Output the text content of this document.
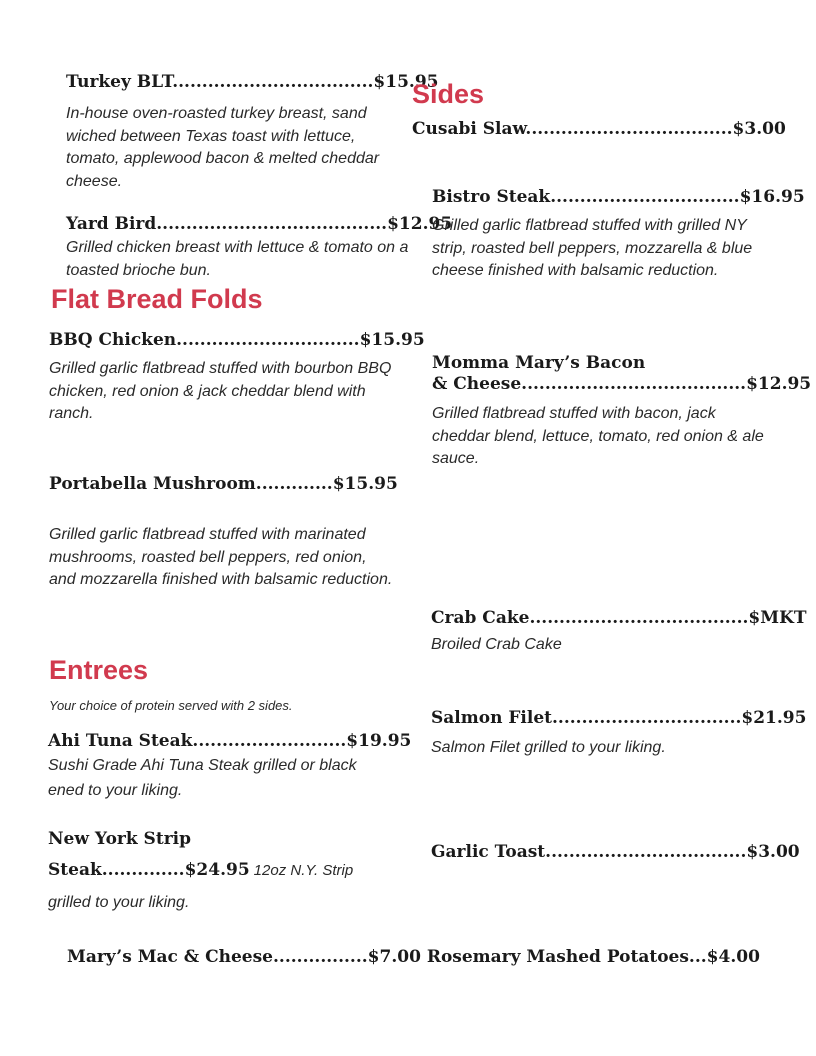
Turkey BLT..................................$15.95
In-house oven-roasted turkey breast, sand wiched between Texas toast with lettuce, tomato, applewood bacon & melted cheddar cheese.
Yard Bird.......................................$12.95
Grilled chicken breast with lettuce & tomato on a toasted brioche bun.
Flat Bread Folds
BBQ Chicken...............................$15.95
Grilled garlic flatbread stuffed with bourbon BBQ chicken, red onion & jack cheddar blend with ranch.
Portabella Mushroom.............$15.95
Grilled garlic flatbread stuffed with marinated mushrooms, roasted bell peppers, red onion, and mozzarella finished with balsamic reduction.
Entrees
Your choice of protein served with 2 sides.
Ahi Tuna Steak..........................$19.95
Sushi Grade Ahi Tuna Steak grilled or black
ened to your liking.
New York Strip
Steak..............$24.95 12oz N.Y. Strip
grilled to your liking.
Sides
Cusabi Slaw...................................$3.00
Bistro Steak................................$16.95
Grilled garlic flatbread stuffed with grilled NY strip, roasted bell peppers, mozzarella & blue cheese finished with balsamic reduction.
Momma Mary’s Bacon
& Cheese......................................$12.95
Grilled flatbread stuffed with bacon, jack cheddar blend, lettuce, tomato, red onion & ale sauce.
Crab Cake.....................................$MKT
Broiled Crab Cake
Salmon Filet................................$21.95
Salmon Filet grilled to your liking.
Garlic Toast..................................$3.00
Mary’s Mac & Cheese................$7.00 Rosemary Mashed Potatoes...$4.00
